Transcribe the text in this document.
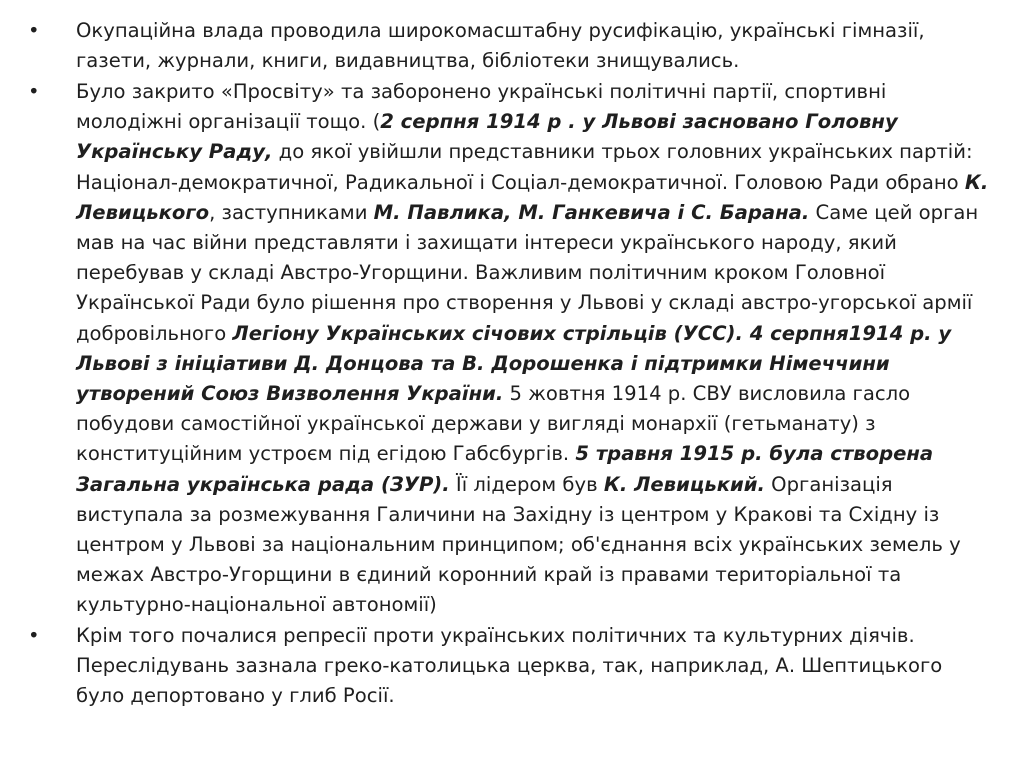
•	Окупаційна влада проводила широкомасштабну русифікацію, українські гімназії, газети, журнали, книги, видавництва, бібліотеки знищувались.
•	Було закрито «Просвіту» та заборонено українські політичні партії, спортивні молодіжні організації тощо. (2 серпня 1914 р . у Львові засновано Головну Українську Раду, до якої увійшли представники трьох головних українських партій: Націонал-демократичної, Радикальної і Соціал-демократичної. Головою Ради обрано К. Левицького, заступниками М. Павлика, М. Ганкевича і С. Барана. Саме цей орган мав на час війни представляти і захищати інтереси українського народу, який перебував у складі Австро-Угорщини. Важливим політичним кроком Головної Української Ради було рішення про створення у Львові у складі австро-угорської армії добровільного Легіону Українських січових стрільців (УСС). 4 серпня1914 р. у Львові з ініціативи Д. Донцова та В. Дорошенка і підтримки Німеччини утворений Союз Визволення України. 5 жовтня 1914 р. СВУ висловила гасло побудови самостійної української держави у вигляді монархії (гетьманату) з конституційним устроєм під егідою Габсбургів. 5 травня 1915 р. була створена Загальна українська рада (ЗУР). Її лідером був К. Левицький. Організація виступала за розмежування Галичини на Західну із центром у Кракові та Східну із центром у Львові за національним принципом; об'єднання всіх українських земель у межах Австро-Угорщини в єдиний коронний край із правами територіальної та культурно-національної автономії)
•	Крім того почалися репресії проти українських політичних та культурних діячів. Переслідувань зазнала греко-католицька церква, так, наприклад, А. Шептицького було депортовано у глиб Росії.
